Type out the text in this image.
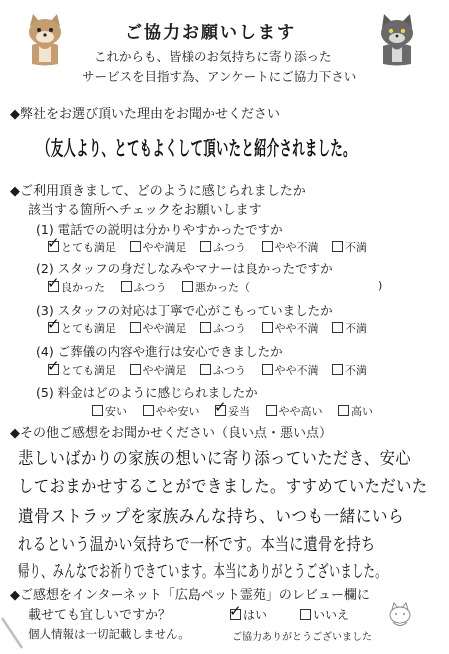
ご協力お願いします
これからも、皆様のお気持ちに寄り添った
サービスを目指す為、アンケートにご協力下さい
◆弊社をお選び頂いた理由をお聞かせください
（友人より、とてもよくして頂いたと紹介されました。
◆ご利用頂きまして、どのように感じられましたか
該当する箇所へチェックをお願いします
(1) 電話での説明は分かりやすかったですか
✓ とても満足 やや満足 ふつう	やや不満 不満
(2) スタッフの身だしなみやマナーは良かったですか
✓ 良かった	ふつう	悪かった（	)
(3) スタッフの対応は丁寧で心がこもっていましたか
✓ とても満足 やや満足 ふつう	やや不満 不満
(4) ご葬儀の内容や進行は安心できましたか
✓ とても満足 やや満足 ふつう	やや不満 不満
(5) 料金はどのように感じられましたか
安い	やや安い ✓ 妥当	やや高い	高い
◆その他ご感想をお聞かせください（良い点・悪い点）
悲しいばかりの家族の想いに寄り添っていただき、安心
しておまかせすることができました。すすめていただいた
遺骨ストラップを家族みんな持ち、いつも一緒にいら
れるという温かい気持ちで一杯です。本当に遺骨を持ち
帰り、みんなでお祈りできています。本当にありがとうございました。
◆ご感想をインターネット「広島ペット霊苑」のレビュー欄に
載せても宜しいですか？	✓ はい	いいえ
個人情報は一切記載しません。	ご協力ありがとうございました
